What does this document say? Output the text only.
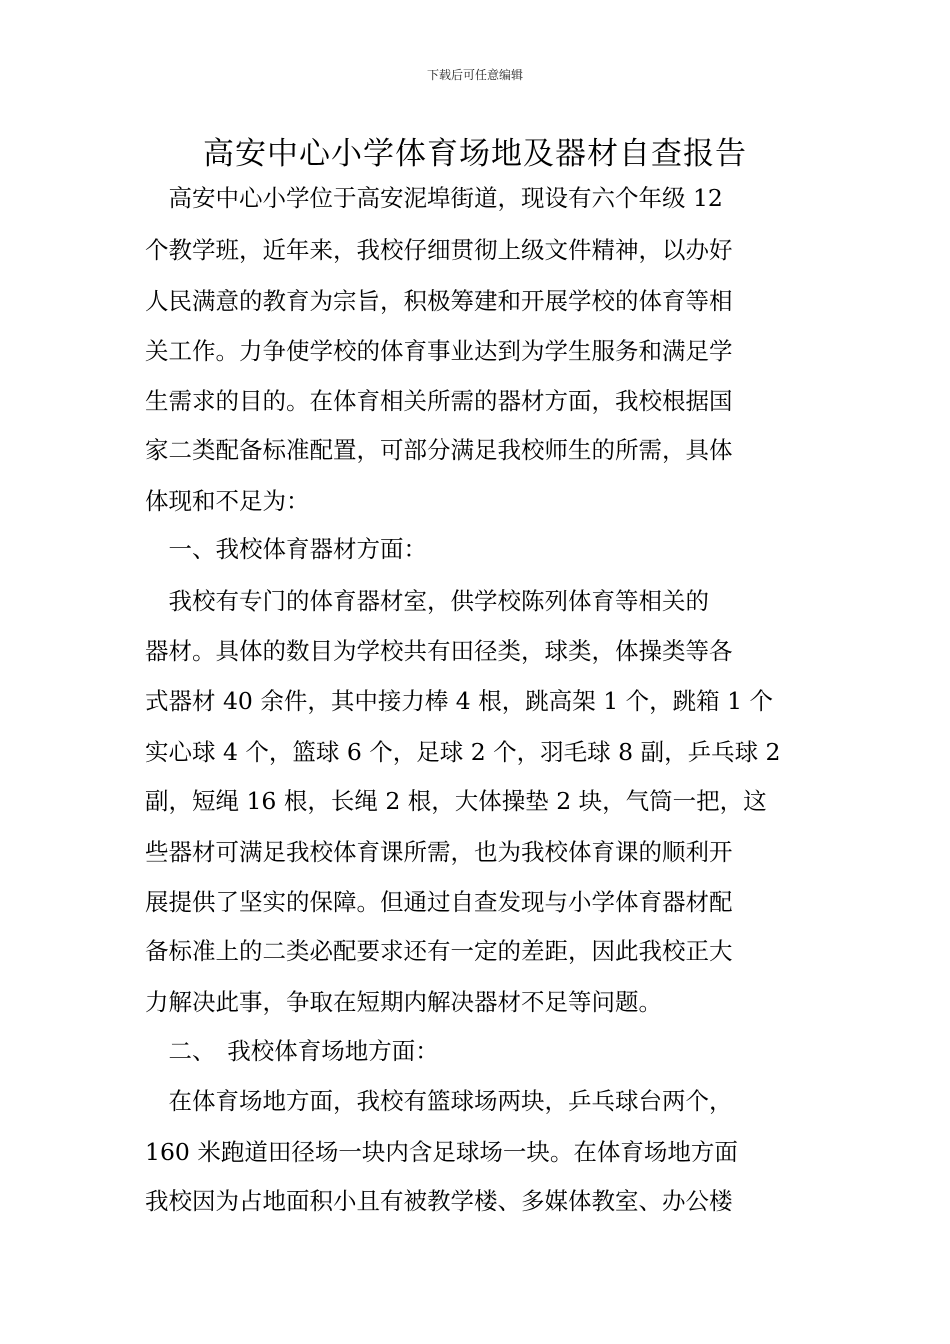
下载后可任意编辑
高安中心小学体育场地及器材自查报告

　高安中心小学位于高安泥埠街道，现设有六个年级 12

个教学班，近年来，我校仔细贯彻上级文件精神，以办好

人民满意的教育为宗旨，积极筹建和开展学校的体育等相

关工作。力争使学校的体育事业达到为学生服务和满足学

生需求的目的。在体育相关所需的器材方面，我校根据国

家二类配备标准配置，可部分满足我校师生的所需，具体

体现和不足为：

　一、我校体育器材方面：

　我校有专门的体育器材室，供学校陈列体育等相关的

器材。具体的数目为学校共有田径类，球类，体操类等各

式器材 40 余件，其中接力棒 4 根，跳高架 1 个，跳箱 1 个

实心球 4 个，篮球 6 个，足球 2 个，羽毛球 8 副，乒乓球 2

副，短绳 16 根，长绳 2 根，大体操垫 2 块，气筒一把，这

些器材可满足我校体育课所需，也为我校体育课的顺利开

展提供了坚实的保障。但通过自查发现与小学体育器材配

备标准上的二类必配要求还有一定的差距，因此我校正大

力解决此事，争取在短期内解决器材不足等问题。

　二、　我校体育场地方面：

　在体育场地方面，我校有篮球场两块，乒乓球台两个，

160 米跑道田径场一块内含足球场一块。在体育场地方面

我校因为占地面积小且有被教学楼、多媒体教室、办公楼
